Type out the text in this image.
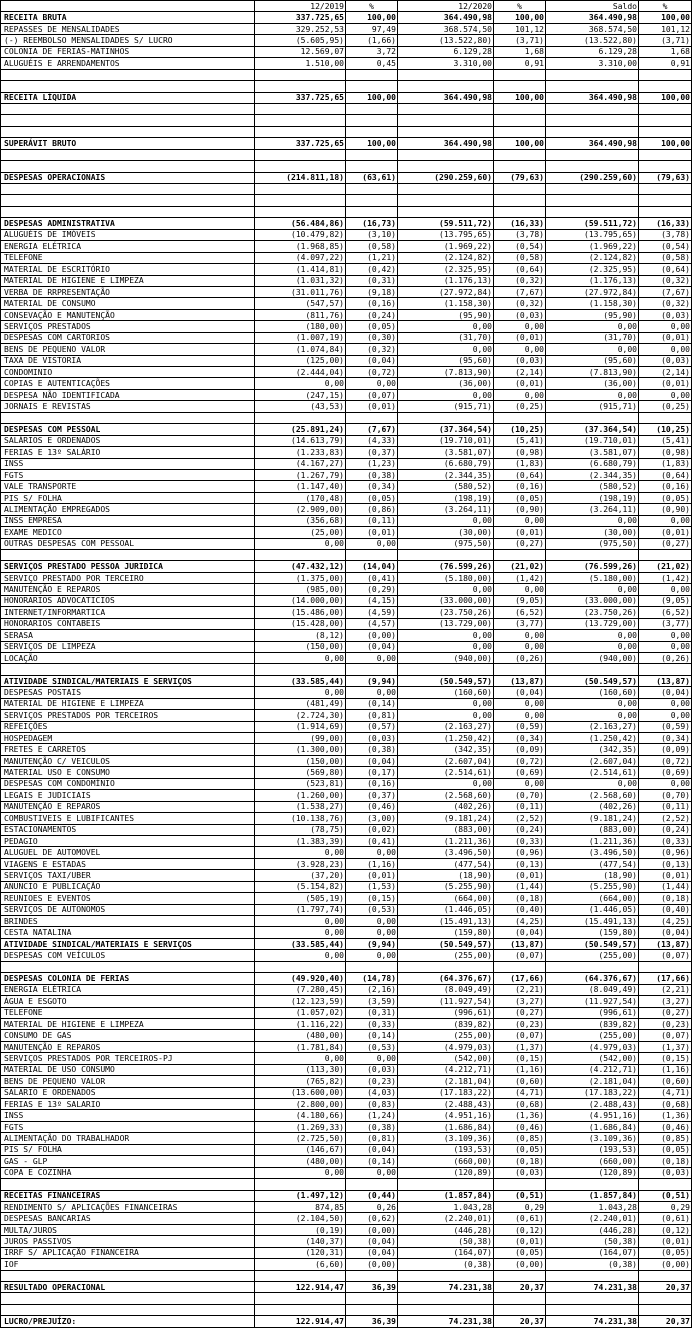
	12/2019	%	12/2020	%	Saldo	%
RECEITA BRUTA	337.725,65	100,00	364.490,98	100,00	364.490,98	100,00
REPASSES DE MENSALIDADES	329.252,53	97,49	368.574,50	101,12	368.574,50	101,12
(-) REEMBOLSO MENSALIDADES S/ LUCRO	(5.605,95)	(1,66)	(13.522,80)	(3,71)	(13.522,80)	(3,71)
COLONIA DE FERIAS-MATINHOS	12.569,07	3,72	6.129,28	1,68	6.129,28	1,68
ALUGUÉIS E ARRENDAMENTOS	1.510,00	0,45	3.310,00	0,91	3.310,00	0,91

RECEITA LÍQUIDA	337.725,65	100,00	364.490,98	100,00	364.490,98	100,00

SUPERÁVIT BRUTO	337.725,65	100,00	364.490,98	100,00	364.490,98	100,00

DESPESAS OPERACIONAIS	(214.811,18)	(63,61)	(290.259,60)	(79,63)	(290.259,60)	(79,63)

DESPESAS ADMINISTRATIVA	(56.484,86)	(16,73)	(59.511,72)	(16,33)	(59.511,72)	(16,33)
ALUGUÉIS DE IMÓVEIS	(10.479,82)	(3,10)	(13.795,65)	(3,78)	(13.795,65)	(3,78)
ENERGIA ELÉTRICA	(1.968,85)	(0,58)	(1.969,22)	(0,54)	(1.969,22)	(0,54)
TELEFONE	(4.097,22)	(1,21)	(2.124,82)	(0,58)	(2.124,82)	(0,58)
MATERIAL DE ESCRITÓRIO	(1.414,81)	(0,42)	(2.325,95)	(0,64)	(2.325,95)	(0,64)
MATERIAL DE HIGIENE E LIMPEZA	(1.031,32)	(0,31)	(1.176,13)	(0,32)	(1.176,13)	(0,32)
VERBA DE RRPRESENTAÇÃO	(31.011,76)	(9,18)	(27.972,84)	(7,67)	(27.972,84)	(7,67)
MATERIAL DE CONSUMO	(547,57)	(0,16)	(1.158,30)	(0,32)	(1.158,30)	(0,32)
CONSEVAÇÃO E MANUTENÇÃO	(811,76)	(0,24)	(95,90)	(0,03)	(95,90)	(0,03)
SERVIÇOS PRESTADOS	(180,00)	(0,05)	0,00	0,00	0,00	0,00
DESPESAS COM CARTORIOS	(1.007,19)	(0,30)	(31,70)	(0,01)	(31,70)	(0,01)
BENS DE PEQUENO VALOR	(1.074,84)	(0,32)	0,00	0,00	0,00	0,00
TAXA DE VISTORIA	(125,00)	(0,04)	(95,60)	(0,03)	(95,60)	(0,03)
CONDOMINIO	(2.444,04)	(0,72)	(7.813,90)	(2,14)	(7.813,90)	(2,14)
COPIAS E AUTENTICAÇÕES	0,00	0,00	(36,00)	(0,01)	(36,00)	(0,01)
DESPESA NÃO IDENTIFICADA	(247,15)	(0,07)	0,00	0,00	0,00	0,00
JORNAIS E REVISTAS	(43,53)	(0,01)	(915,71)	(0,25)	(915,71)	(0,25)

DESPESAS COM PESSOAL	(25.891,24)	(7,67)	(37.364,54)	(10,25)	(37.364,54)	(10,25)
SALÁRIOS E ORDENADOS	(14.613,79)	(4,33)	(19.710,01)	(5,41)	(19.710,01)	(5,41)
FERIAS E 13º SALÁRIO	(1.233,83)	(0,37)	(3.581,07)	(0,98)	(3.581,07)	(0,98)
INSS	(4.167,27)	(1,23)	(6.680,79)	(1,83)	(6.680,79)	(1,83)
FGTS	(1.267,79)	(0,38)	(2.344,35)	(0,64)	(2.344,35)	(0,64)
VALE TRANSPORTE	(1.147,40)	(0,34)	(580,52)	(0,16)	(580,52)	(0,16)
PIS S/ FOLHA	(170,48)	(0,05)	(198,19)	(0,05)	(198,19)	(0,05)
ALIMENTAÇÃO EMPREGADOS	(2.909,00)	(0,86)	(3.264,11)	(0,90)	(3.264,11)	(0,90)
INSS EMPRESA	(356,68)	(0,11)	0,00	0,00	0,00	0,00
EXAME MEDICO	(25,00)	(0,01)	(30,00)	(0,01)	(30,00)	(0,01)
OUTRAS DESPESAS COM PESSOAL	0,00	0,00	(975,50)	(0,27)	(975,50)	(0,27)

SERVIÇOS PRESTADO PESSOA JURIDICA	(47.432,12)	(14,04)	(76.599,26)	(21,02)	(76.599,26)	(21,02)
SERVIÇO PRESTADO POR TERCEIRO	(1.375,00)	(0,41)	(5.180,00)	(1,42)	(5.180,00)	(1,42)
MANUTENÇÃO E REPAROS	(985,00)	(0,29)	0,00	0,00	0,00	0,00
HONORARIOS ADVOCATICIOS	(14.000,00)	(4,15)	(33.000,00)	(9,05)	(33.000,00)	(9,05)
INTERNET/INFORMARTICA	(15.486,00)	(4,59)	(23.750,26)	(6,52)	(23.750,26)	(6,52)
HONORARIOS CONTABEIS	(15.428,00)	(4,57)	(13.729,00)	(3,77)	(13.729,00)	(3,77)
SERASA	(8,12)	(0,00)	0,00	0,00	0,00	0,00
SERVIÇOS DE LIMPEZA	(150,00)	(0,04)	0,00	0,00	0,00	0,00
LOCAÇÃO	0,00	0,00	(940,00)	(0,26)	(940,00)	(0,26)

ATIVIDADE SINDICAL/MATERIAIS E SERVIÇOS	(33.585,44)	(9,94)	(50.549,57)	(13,87)	(50.549,57)	(13,87)
DESPESAS POSTAIS	0,00	0,00	(160,60)	(0,04)	(160,60)	(0,04)
MATERIAL DE HIGIENE E LIMPEZA	(481,49)	(0,14)	0,00	0,00	0,00	0,00
SERVIÇOS PRESTADOS POR TERCEIROS	(2.724,30)	(0,81)	0,00	0,00	0,00	0,00
REFEIÇÕES	(1.914,69)	(0,57)	(2.163,27)	(0,59)	(2.163,27)	(0,59)
HOSPEDAGEM	(99,00)	(0,03)	(1.250,42)	(0,34)	(1.250,42)	(0,34)
FRETES E CARRETOS	(1.300,00)	(0,38)	(342,35)	(0,09)	(342,35)	(0,09)
MANUTENÇÃO C/ VEICULOS	(150,00)	(0,04)	(2.607,04)	(0,72)	(2.607,04)	(0,72)
MATERIAL USO E CONSUMO	(569,80)	(0,17)	(2.514,61)	(0,69)	(2.514,61)	(0,69)
DESPESAS COM CONDOMÍNIO	(523,81)	(0,16)	0,00	0,00	0,00	0,00
LEGAIS E JUDICIAIS	(1.260,00)	(0,37)	(2.568,60)	(0,70)	(2.568,60)	(0,70)
MANUTENÇÃO E REPAROS	(1.538,27)	(0,46)	(402,26)	(0,11)	(402,26)	(0,11)
COMBUSTIVEIS E LUBIFICANTES	(10.138,76)	(3,00)	(9.181,24)	(2,52)	(9.181,24)	(2,52)
ESTACIONAMENTOS	(78,75)	(0,02)	(883,00)	(0,24)	(883,00)	(0,24)
PEDAGIO	(1.383,39)	(0,41)	(1.211,36)	(0,33)	(1.211,36)	(0,33)
ALUGUEL DE AUTOMOVEL	0,00	0,00	(3.496,50)	(0,96)	(3.496,50)	(0,96)
VIAGENS E ESTADAS	(3.928,23)	(1,16)	(477,54)	(0,13)	(477,54)	(0,13)
SERVIÇOS TAXI/UBER	(37,20)	(0,01)	(18,90)	(0,01)	(18,90)	(0,01)
ANUNCIO E PUBLICAÇÃO	(5.154,82)	(1,53)	(5.255,90)	(1,44)	(5.255,90)	(1,44)
REUNIOES E EVENTOS	(505,19)	(0,15)	(664,00)	(0,18)	(664,00)	(0,18)
SERVIÇOS DE AUTONOMOS	(1.797,74)	(0,53)	(1.446,05)	(0,40)	(1.446,05)	(0,40)
BRINDES	0,00	0,00	(15.491,13)	(4,25)	(15.491,13)	(4,25)
CESTA NATALINA	0,00	0,00	(159,80)	(0,04)	(159,80)	(0,04)
ATIVIDADE SINDICAL/MATERIAIS E SERVIÇOS	(33.585,44)	(9,94)	(50.549,57)	(13,87)	(50.549,57)	(13,87)
DESPESAS COM VEÍCULOS	0,00	0,00	(255,00)	(0,07)	(255,00)	(0,07)

DESPESAS COLONIA DE FERIAS	(49.920,40)	(14,78)	(64.376,67)	(17,66)	(64.376,67)	(17,66)
ENERGIA ELÉTRICA	(7.280,45)	(2,16)	(8.049,49)	(2,21)	(8.049,49)	(2,21)
ÁGUA E ESGOTO	(12.123,59)	(3,59)	(11.927,54)	(3,27)	(11.927,54)	(3,27)
TELEFONE	(1.057,02)	(0,31)	(996,61)	(0,27)	(996,61)	(0,27)
MATERIAL DE HIGIENE E LIMPEZA	(1.116,22)	(0,33)	(839,82)	(0,23)	(839,82)	(0,23)
CONSUMO DE GAS	(480,00)	(0,14)	(255,00)	(0,07)	(255,00)	(0,07)
MANUTENÇÃO E REPAROS	(1.781,84)	(0,53)	(4.979,03)	(1,37)	(4.979,03)	(1,37)
SERVIÇOS PRESTADOS POR TERCEIROS-PJ	0,00	0,00	(542,00)	(0,15)	(542,00)	(0,15)
MATERIAL DE USO CONSUMO	(113,30)	(0,03)	(4.212,71)	(1,16)	(4.212,71)	(1,16)
BENS DE PEQUENO VALOR	(765,82)	(0,23)	(2.181,04)	(0,60)	(2.181,04)	(0,60)
SALARIO E ORDENADOS	(13.600,00)	(4,03)	(17.183,22)	(4,71)	(17.183,22)	(4,71)
FERIAS E 13º SALARIO	(2.800,00)	(0,83)	(2.488,43)	(0,68)	(2.488,43)	(0,68)
INSS	(4.180,66)	(1,24)	(4.951,16)	(1,36)	(4.951,16)	(1,36)
FGTS	(1.269,33)	(0,38)	(1.686,84)	(0,46)	(1.686,84)	(0,46)
ALIMENTAÇÃO DO TRABALHADOR	(2.725,50)	(0,81)	(3.109,36)	(0,85)	(3.109,36)	(0,85)
PIS S/ FOLHA	(146,67)	(0,04)	(193,53)	(0,05)	(193,53)	(0,05)
GAS - GLP	(480,00)	(0,14)	(660,00)	(0,18)	(660,00)	(0,18)
COPA E COZINHA	0,00	0,00	(120,89)	(0,03)	(120,89)	(0,03)

RECEITAS FINANCEIRAS	(1.497,12)	(0,44)	(1.857,84)	(0,51)	(1.857,84)	(0,51)
RENDIMENTO S/ APLICAÇÕES FINANCEIRAS	874,85	0,26	1.043,28	0,29	1.043,28	0,29
DESPESAS BANCARIAS	(2.104,50)	(0,62)	(2.240,01)	(0,61)	(2.240,01)	(0,61)
MULTA/JUROS	(0,19)	(0,00)	(446,28)	(0,12)	(446,28)	(0,12)
JUROS PASSIVOS	(140,37)	(0,04)	(50,38)	(0,01)	(50,38)	(0,01)
IRRF S/ APLICAÇÃO FINANCEIRA	(120,31)	(0,04)	(164,07)	(0,05)	(164,07)	(0,05)
IOF	(6,60)	(0,00)	(0,38)	(0,00)	(0,38)	(0,00)

RESULTADO OPERACIONAL	122.914,47	36,39	74.231,38	20,37	74.231,38	20,37

LUCRO/PREJUÍZO:	122.914,47	36,39	74.231,38	20,37	74.231,38	20,37
